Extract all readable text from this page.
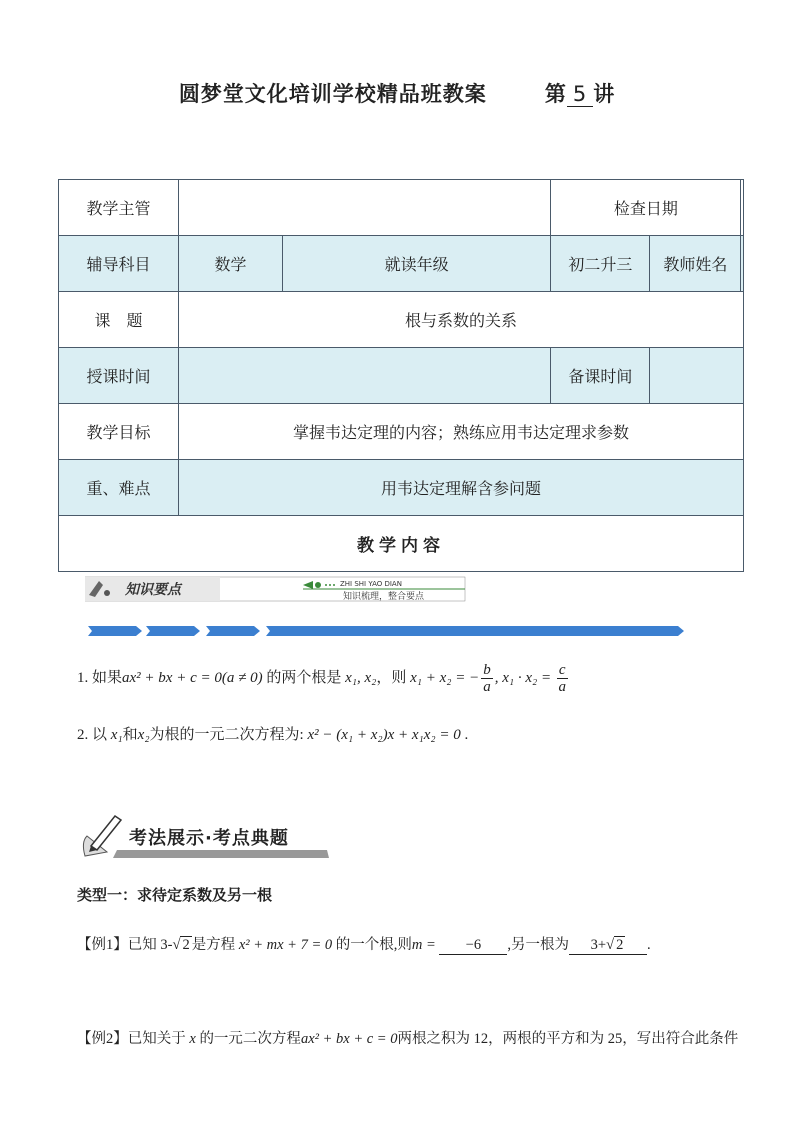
圆梦堂文化培训学校精品班教案	第 5 讲
教学主管			检查日期		
辅导科目	数学	就读年级	初二升三	教师姓名	
课　题	根与系数的关系				
授课时间			备课时间		
教学目标	掌握韦达定理的内容；熟练应用韦达定理求参数				
重、难点	用韦达定理解含参问题				
教学内容					
知识要点	ZHI SHI YAO DIAN
知识梳理，整合要点
1. 如果ax² + bx + c = 0(a ≠ 0) 的两个根是 x₁, x₂，则 x₁ + x₂ = − $\frac{b}{a}$ , $x_1 \cdot x_2 = \frac{c}{a}$
2. 以 x₁和x₂为根的一元二次方程为: x² − (x₁ + x₂)x + x₁x₂ = 0 .
考法展示·考点典题
类型一：求待定系数及另一根
【例1】已知 3-√ 2 是方程 x² + mx + 7 = 0 的一个根,则m = −6 ,另一根为 3+√ 2 .
【例2】已知关于 x 的一元二次方程ax² + bx + c = 0两根之积为 12，两根的平方和为 25，写出符合此条件
